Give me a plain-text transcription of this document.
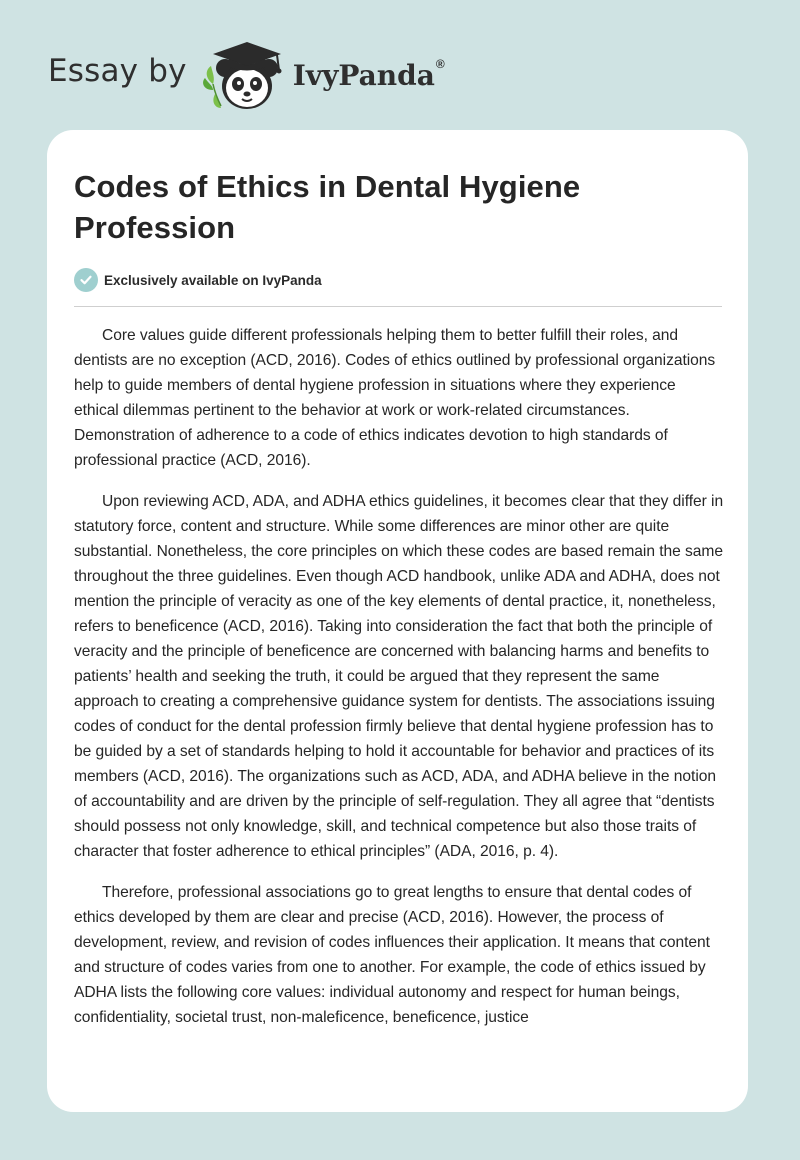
Essay by	IvyPanda®
Codes of Ethics in Dental Hygiene Profession
Exclusively available on IvyPanda

Core values guide different professionals helping them to better fulfill their roles, and dentists are no exception (ACD, 2016). Codes of ethics outlined by professional organizations help to guide members of dental hygiene profession in situations where they experience ethical dilemmas pertinent to the behavior at work or work-related circumstances. Demonstration of adherence to a code of ethics indicates devotion to high standards of professional practice (ACD, 2016).

Upon reviewing ACD, ADA, and ADHA ethics guidelines, it becomes clear that they differ in statutory force, content and structure. While some differences are minor other are quite substantial. Nonetheless, the core principles on which these codes are based remain the same throughout the three guidelines. Even though ACD handbook, unlike ADA and ADHA, does not mention the principle of veracity as one of the key elements of dental practice, it, nonetheless, refers to beneficence (ACD, 2016). Taking into consideration the fact that both the principle of veracity and the principle of beneficence are concerned with balancing harms and benefits to patients’ health and seeking the truth, it could be argued that they represent the same approach to creating a comprehensive guidance system for dentists. The associations issuing codes of conduct for the dental profession firmly believe that dental hygiene profession has to be guided by a set of standards helping to hold it accountable for behavior and practices of its members (ACD, 2016). The organizations such as ACD, ADA, and ADHA believe in the notion of accountability and are driven by the principle of self-regulation. They all agree that “dentists should possess not only knowledge, skill, and technical competence but also those traits of character that foster adherence to ethical principles” (ADA, 2016, p. 4).

Therefore, professional associations go to great lengths to ensure that dental codes of ethics developed by them are clear and precise (ACD, 2016). However, the process of development, review, and revision of codes influences their application. It means that content and structure of codes varies from one to another. For example, the code of ethics issued by ADHA lists the following core values: individual autonomy and respect for human beings, confidentiality, societal trust, non-maleficence, beneficence, justice
